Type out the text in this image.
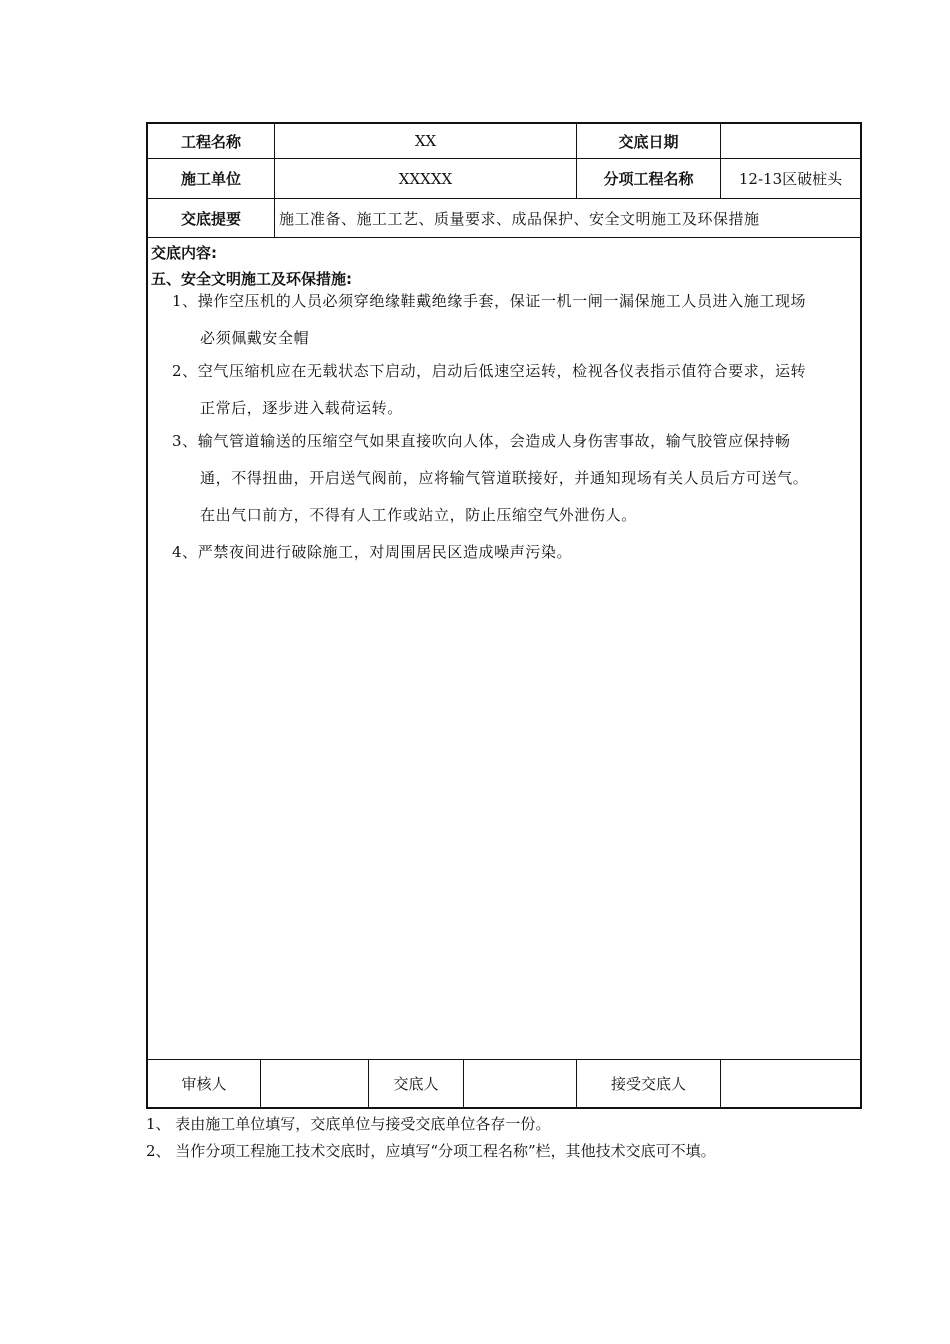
工程名称	XX	交底日期
施工单位	XXXXX	分项工程名称	12-13区破桩头
交底提要	施工准备、施工工艺、质量要求、成品保护、安全文明施工及环保措施
交底内容:
五、安全文明施工及环保措施:
1、操作空压机的人员必须穿绝缘鞋戴绝缘手套，保证一机一闸一漏保施工人员进入施工现场
必须佩戴安全帽
2、空气压缩机应在无载状态下启动，启动后低速空运转，检视各仪表指示值符合要求，运转
正常后，逐步进入载荷运转。
3、输气管道输送的压缩空气如果直接吹向人体，会造成人身伤害事故，输气胶管应保持畅
通，不得扭曲，开启送气阀前，应将输气管道联接好，并通知现场有关人员后方可送气。
在出气口前方，不得有人工作或站立，防止压缩空气外泄伤人。
4、严禁夜间进行破除施工，对周围居民区造成噪声污染。
审核人	交底人	接受交底人
1、 表由施工单位填写，交底单位与接受交底单位各存一份。
2、 当作分项工程施工技术交底时，应填写“分项工程名称”栏，其他技术交底可不填。
